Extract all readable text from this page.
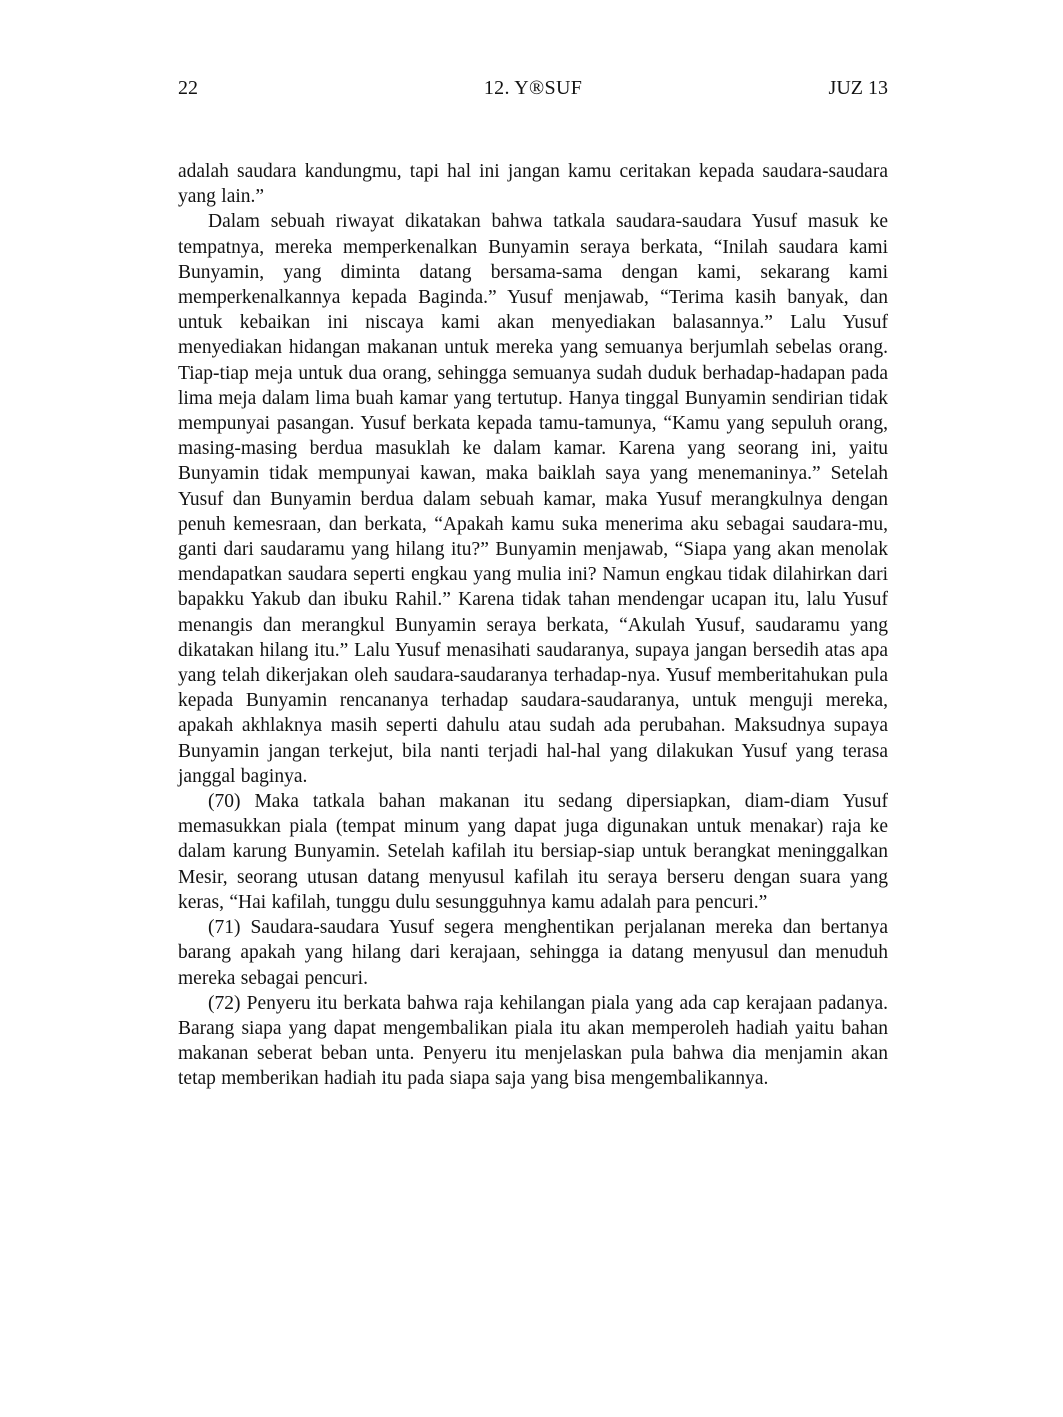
22	12. Y®SUF	JUZ 13

adalah saudara kandungmu, tapi hal ini jangan kamu ceritakan kepada saudara-saudara yang lain.”

Dalam sebuah riwayat dikatakan bahwa tatkala saudara-saudara Yusuf masuk ke tempatnya, mereka memperkenalkan Bunyamin seraya berkata, “Inilah saudara kami Bunyamin, yang diminta datang bersama-sama dengan kami, sekarang kami memperkenalkannya kepada Baginda.” Yusuf menjawab, “Terima kasih banyak, dan untuk kebaikan ini niscaya kami akan menyediakan balasannya.” Lalu Yusuf menyediakan hidangan makanan untuk mereka yang semuanya berjumlah sebelas orang. Tiap-tiap meja untuk dua orang, sehingga semuanya sudah duduk berhadap-hadapan pada lima meja dalam lima buah kamar yang tertutup. Hanya tinggal Bunyamin sendirian tidak mempunyai pasangan. Yusuf berkata kepada tamu-tamunya, “Kamu yang sepuluh orang, masing-masing berdua masuklah ke dalam kamar. Karena yang seorang ini, yaitu Bunyamin tidak mempunyai kawan, maka baiklah saya yang menemaninya.” Setelah Yusuf dan Bunyamin berdua dalam sebuah kamar, maka Yusuf merangkulnya dengan penuh kemesraan, dan berkata, “Apakah kamu suka menerima aku sebagai saudara-mu, ganti dari saudaramu yang hilang itu?” Bunyamin menjawab, “Siapa yang akan menolak mendapatkan saudara seperti engkau yang mulia ini? Namun engkau tidak dilahirkan dari bapakku Yakub dan ibuku Rahil.” Karena tidak tahan mendengar ucapan itu, lalu Yusuf menangis dan merangkul Bunyamin seraya berkata, “Akulah Yusuf, saudaramu yang dikatakan hilang itu.” Lalu Yusuf menasihati saudaranya, supaya jangan bersedih atas apa yang telah dikerjakan oleh saudara-saudaranya terhadap-nya. Yusuf memberitahukan pula kepada Bunyamin rencananya terhadap saudara-saudaranya, untuk menguji mereka, apakah akhlaknya masih seperti dahulu atau sudah ada perubahan. Maksudnya supaya Bunyamin jangan terkejut, bila nanti terjadi hal-hal yang dilakukan Yusuf yang terasa janggal baginya.

(70) Maka tatkala bahan makanan itu sedang dipersiapkan, diam-diam Yusuf memasukkan piala (tempat minum yang dapat juga digunakan untuk menakar) raja ke dalam karung Bunyamin. Setelah kafilah itu bersiap-siap untuk berangkat meninggalkan Mesir, seorang utusan datang menyusul kafilah itu seraya berseru dengan suara yang keras, “Hai kafilah, tunggu dulu sesungguhnya kamu adalah para pencuri.”

(71) Saudara-saudara Yusuf segera menghentikan perjalanan mereka dan bertanya barang apakah yang hilang dari kerajaan, sehingga ia datang menyusul dan menuduh mereka sebagai pencuri.

(72) Penyeru itu berkata bahwa raja kehilangan piala yang ada cap kerajaan padanya. Barang siapa yang dapat mengembalikan piala itu akan memperoleh hadiah yaitu bahan makanan seberat beban unta. Penyeru itu menjelaskan pula bahwa dia menjamin akan tetap memberikan hadiah itu pada siapa saja yang bisa mengembalikannya.
